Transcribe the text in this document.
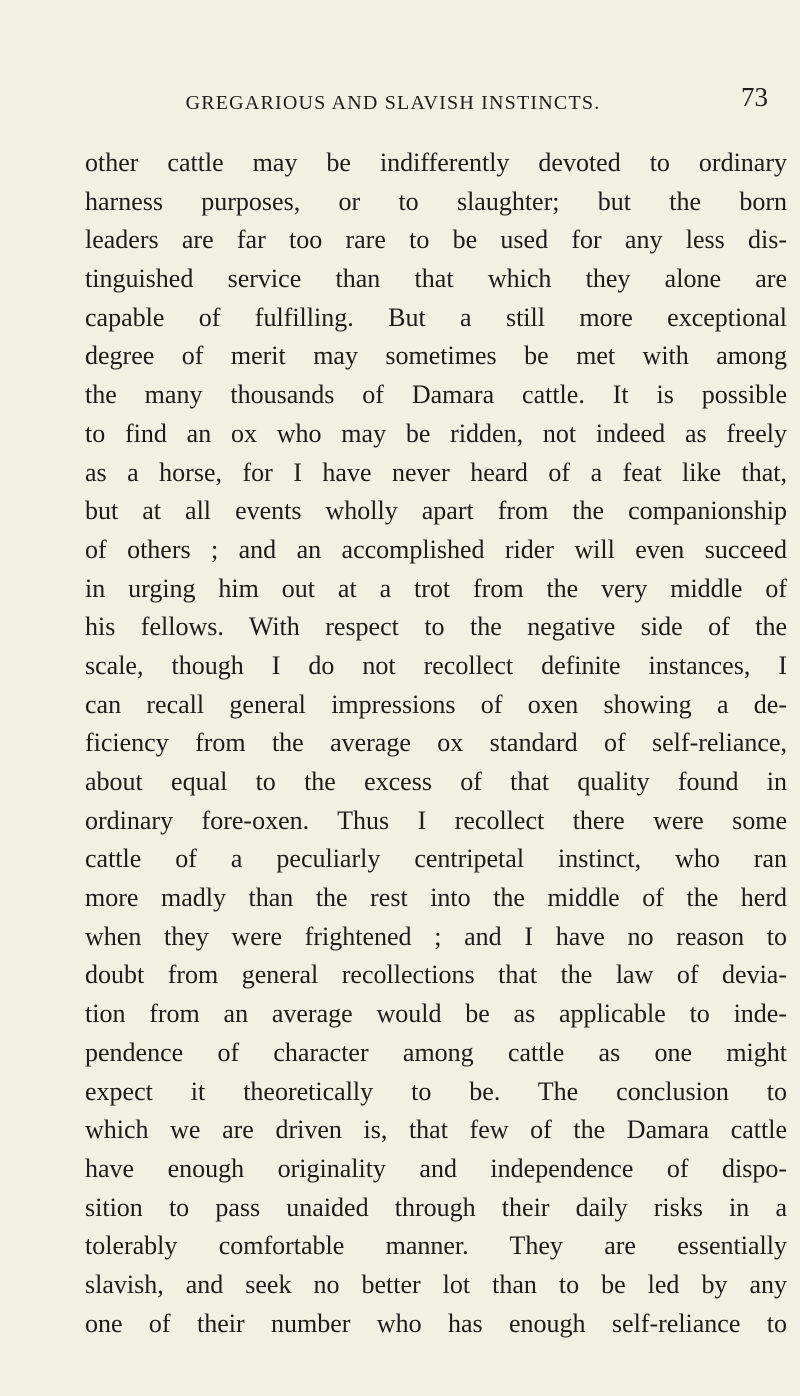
GREGARIOUS AND SLAVISH INSTINCTS.	73
other cattle may be indifferently devoted to ordinary
harness purposes, or to slaughter; but the born
leaders are far too rare to be used for any less dis-
tinguished service than that which they alone are
capable of fulfilling. But a still more exceptional
degree of merit may sometimes be met with among
the many thousands of Damara cattle. It is possible
to find an ox who may be ridden, not indeed as freely
as a horse, for I have never heard of a feat like that,
but at all events wholly apart from the companionship
of others ; and an accomplished rider will even succeed
in urging him out at a trot from the very middle of
his fellows. With respect to the negative side of the
scale, though I do not recollect definite instances, I
can recall general impressions of oxen showing a de-
ficiency from the average ox standard of self-reliance,
about equal to the excess of that quality found in
ordinary fore-oxen. Thus I recollect there were some
cattle of a peculiarly centripetal instinct, who ran
more madly than the rest into the middle of the herd
when they were frightened ; and I have no reason to
doubt from general recollections that the law of devia-
tion from an average would be as applicable to inde-
pendence of character among cattle as one might
expect it theoretically to be. The conclusion to
which we are driven is, that few of the Damara cattle
have enough originality and independence of dispo-
sition to pass unaided through their daily risks in a
tolerably comfortable manner. They are essentially
slavish, and seek no better lot than to be led by any
one of their number who has enough self-reliance to
